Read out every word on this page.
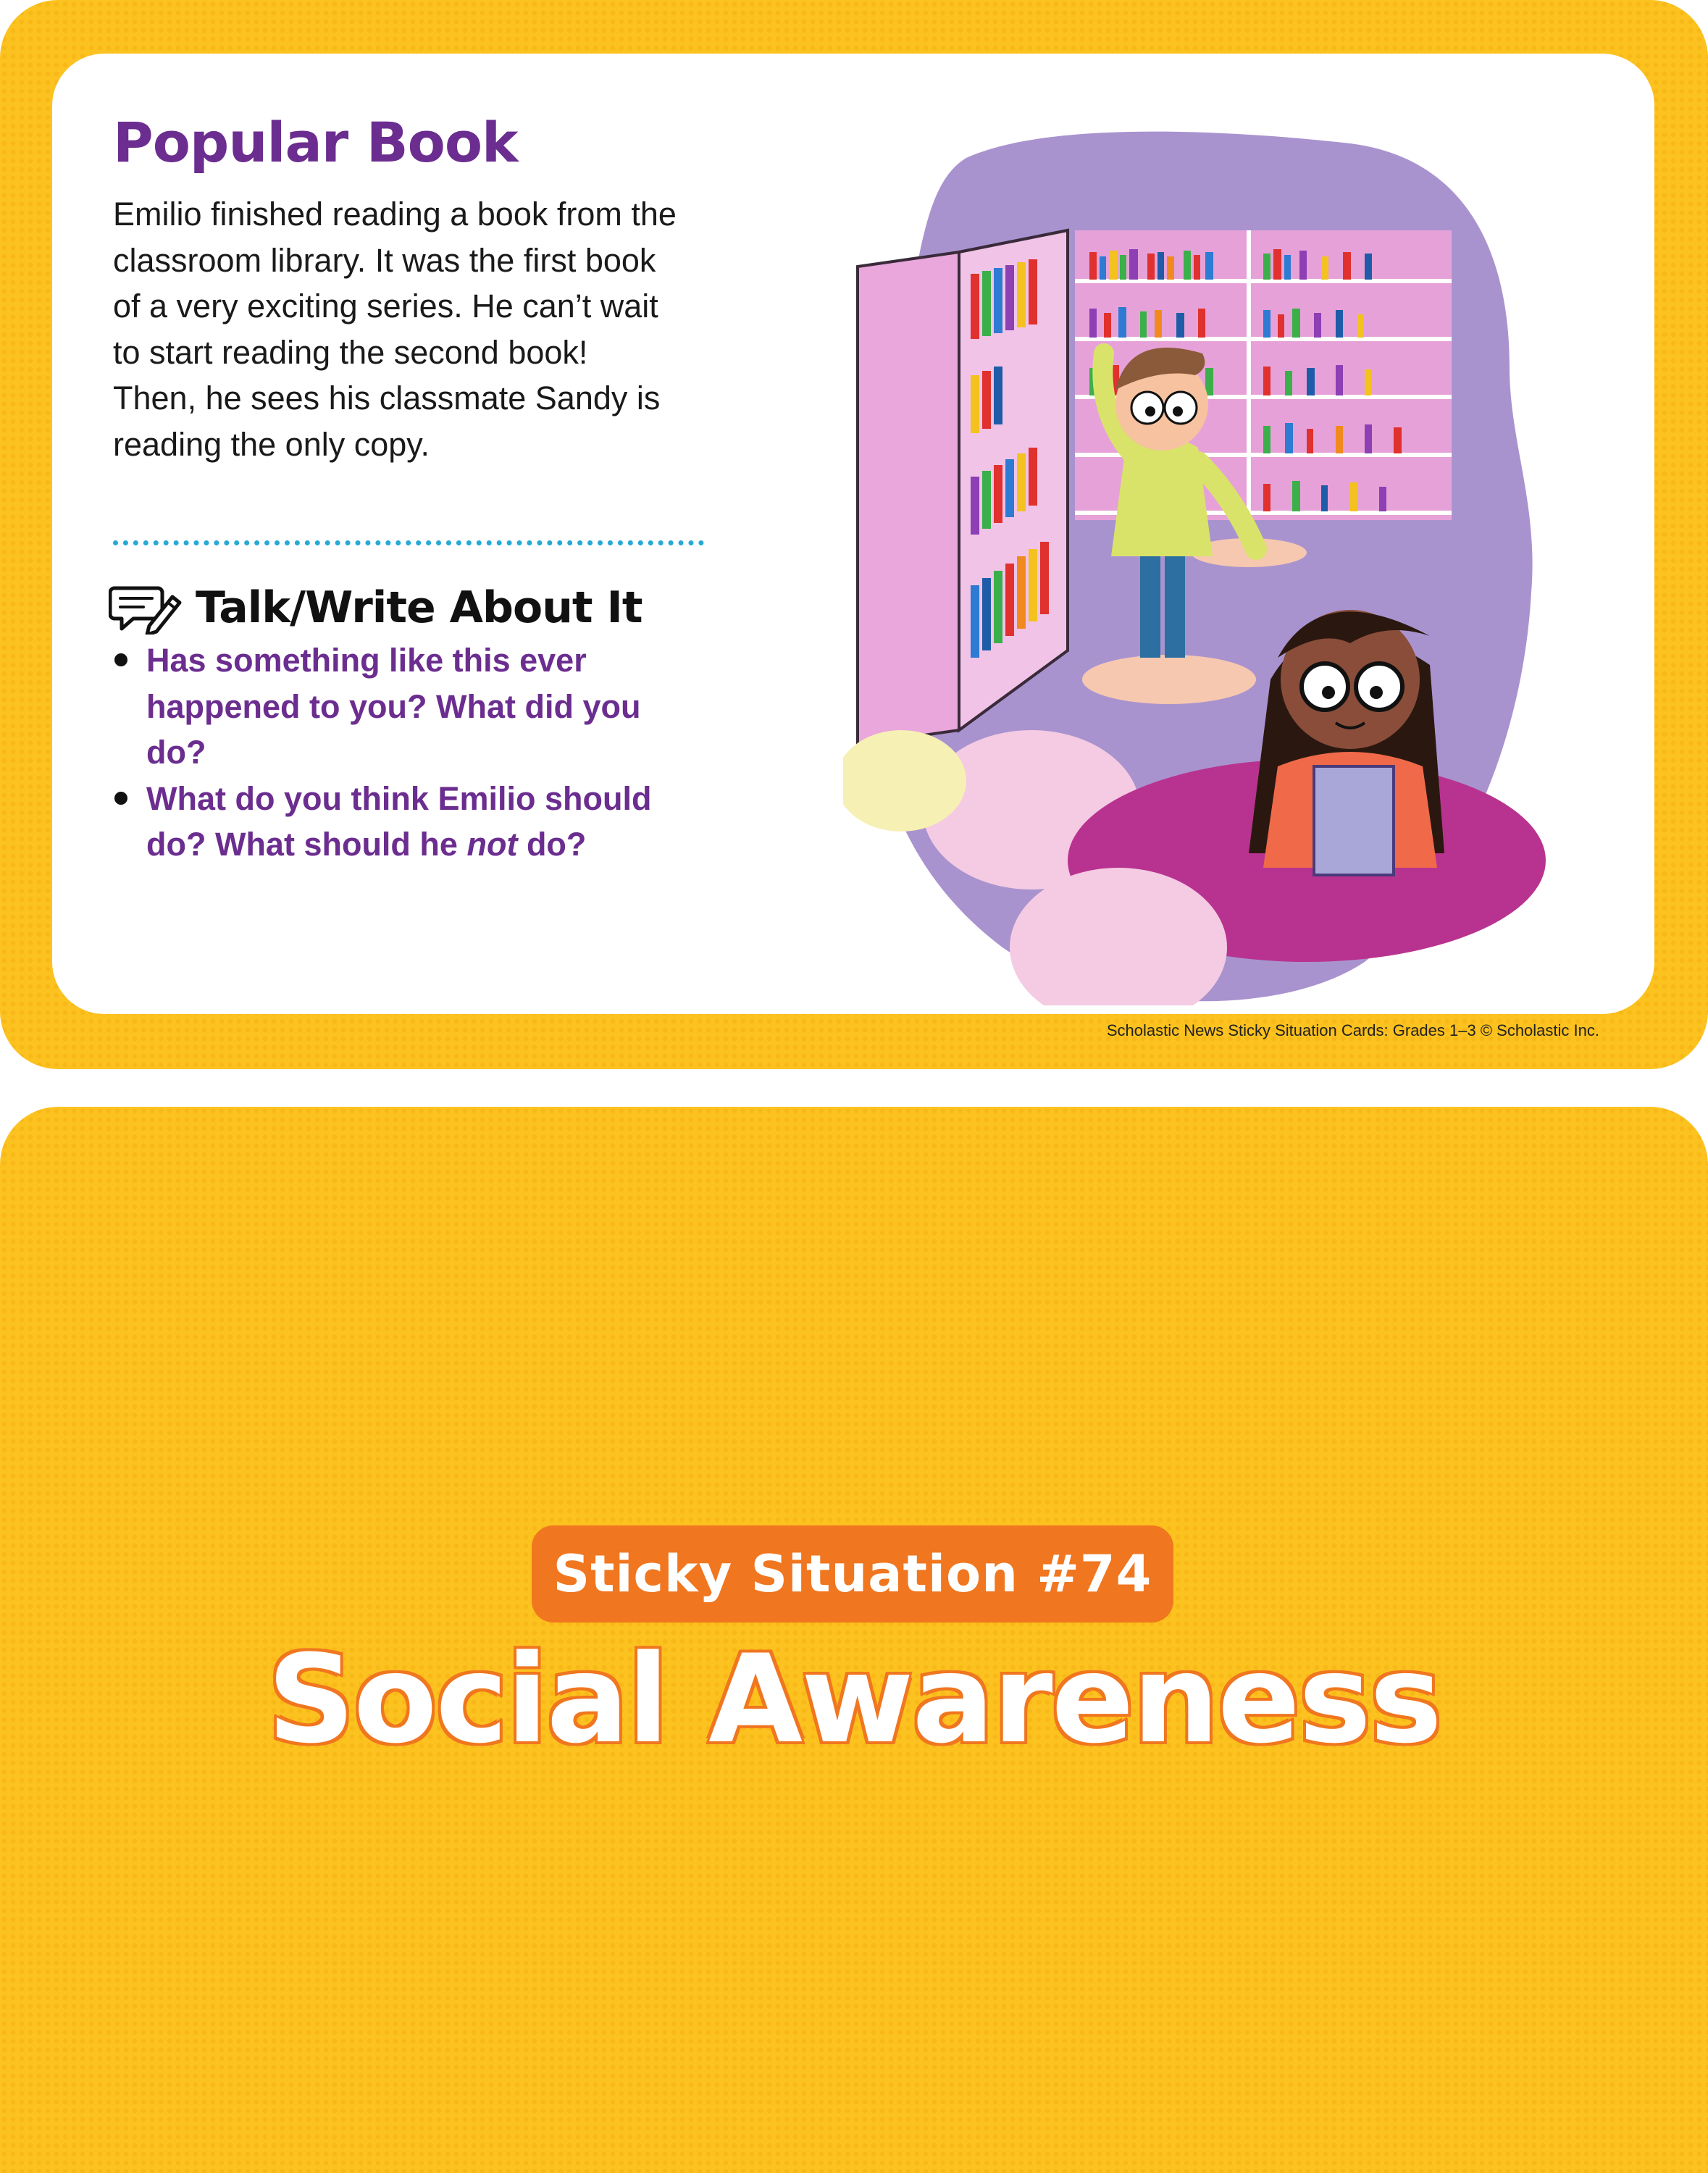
Popular Book

Emilio finished reading a book from the classroom library. It was the first book of a very exciting series. He can’t wait to start reading the second book! Then, he sees his classmate Sandy is reading the only copy.

Talk/Write About It
Has something like this ever happened to you? What did you do?
What do you think Emilio should do? What should he not do?
Scholastic News Sticky Situation Cards: Grades 1–3 © Scholastic Inc.
Sticky Situation #74
Social Awareness
